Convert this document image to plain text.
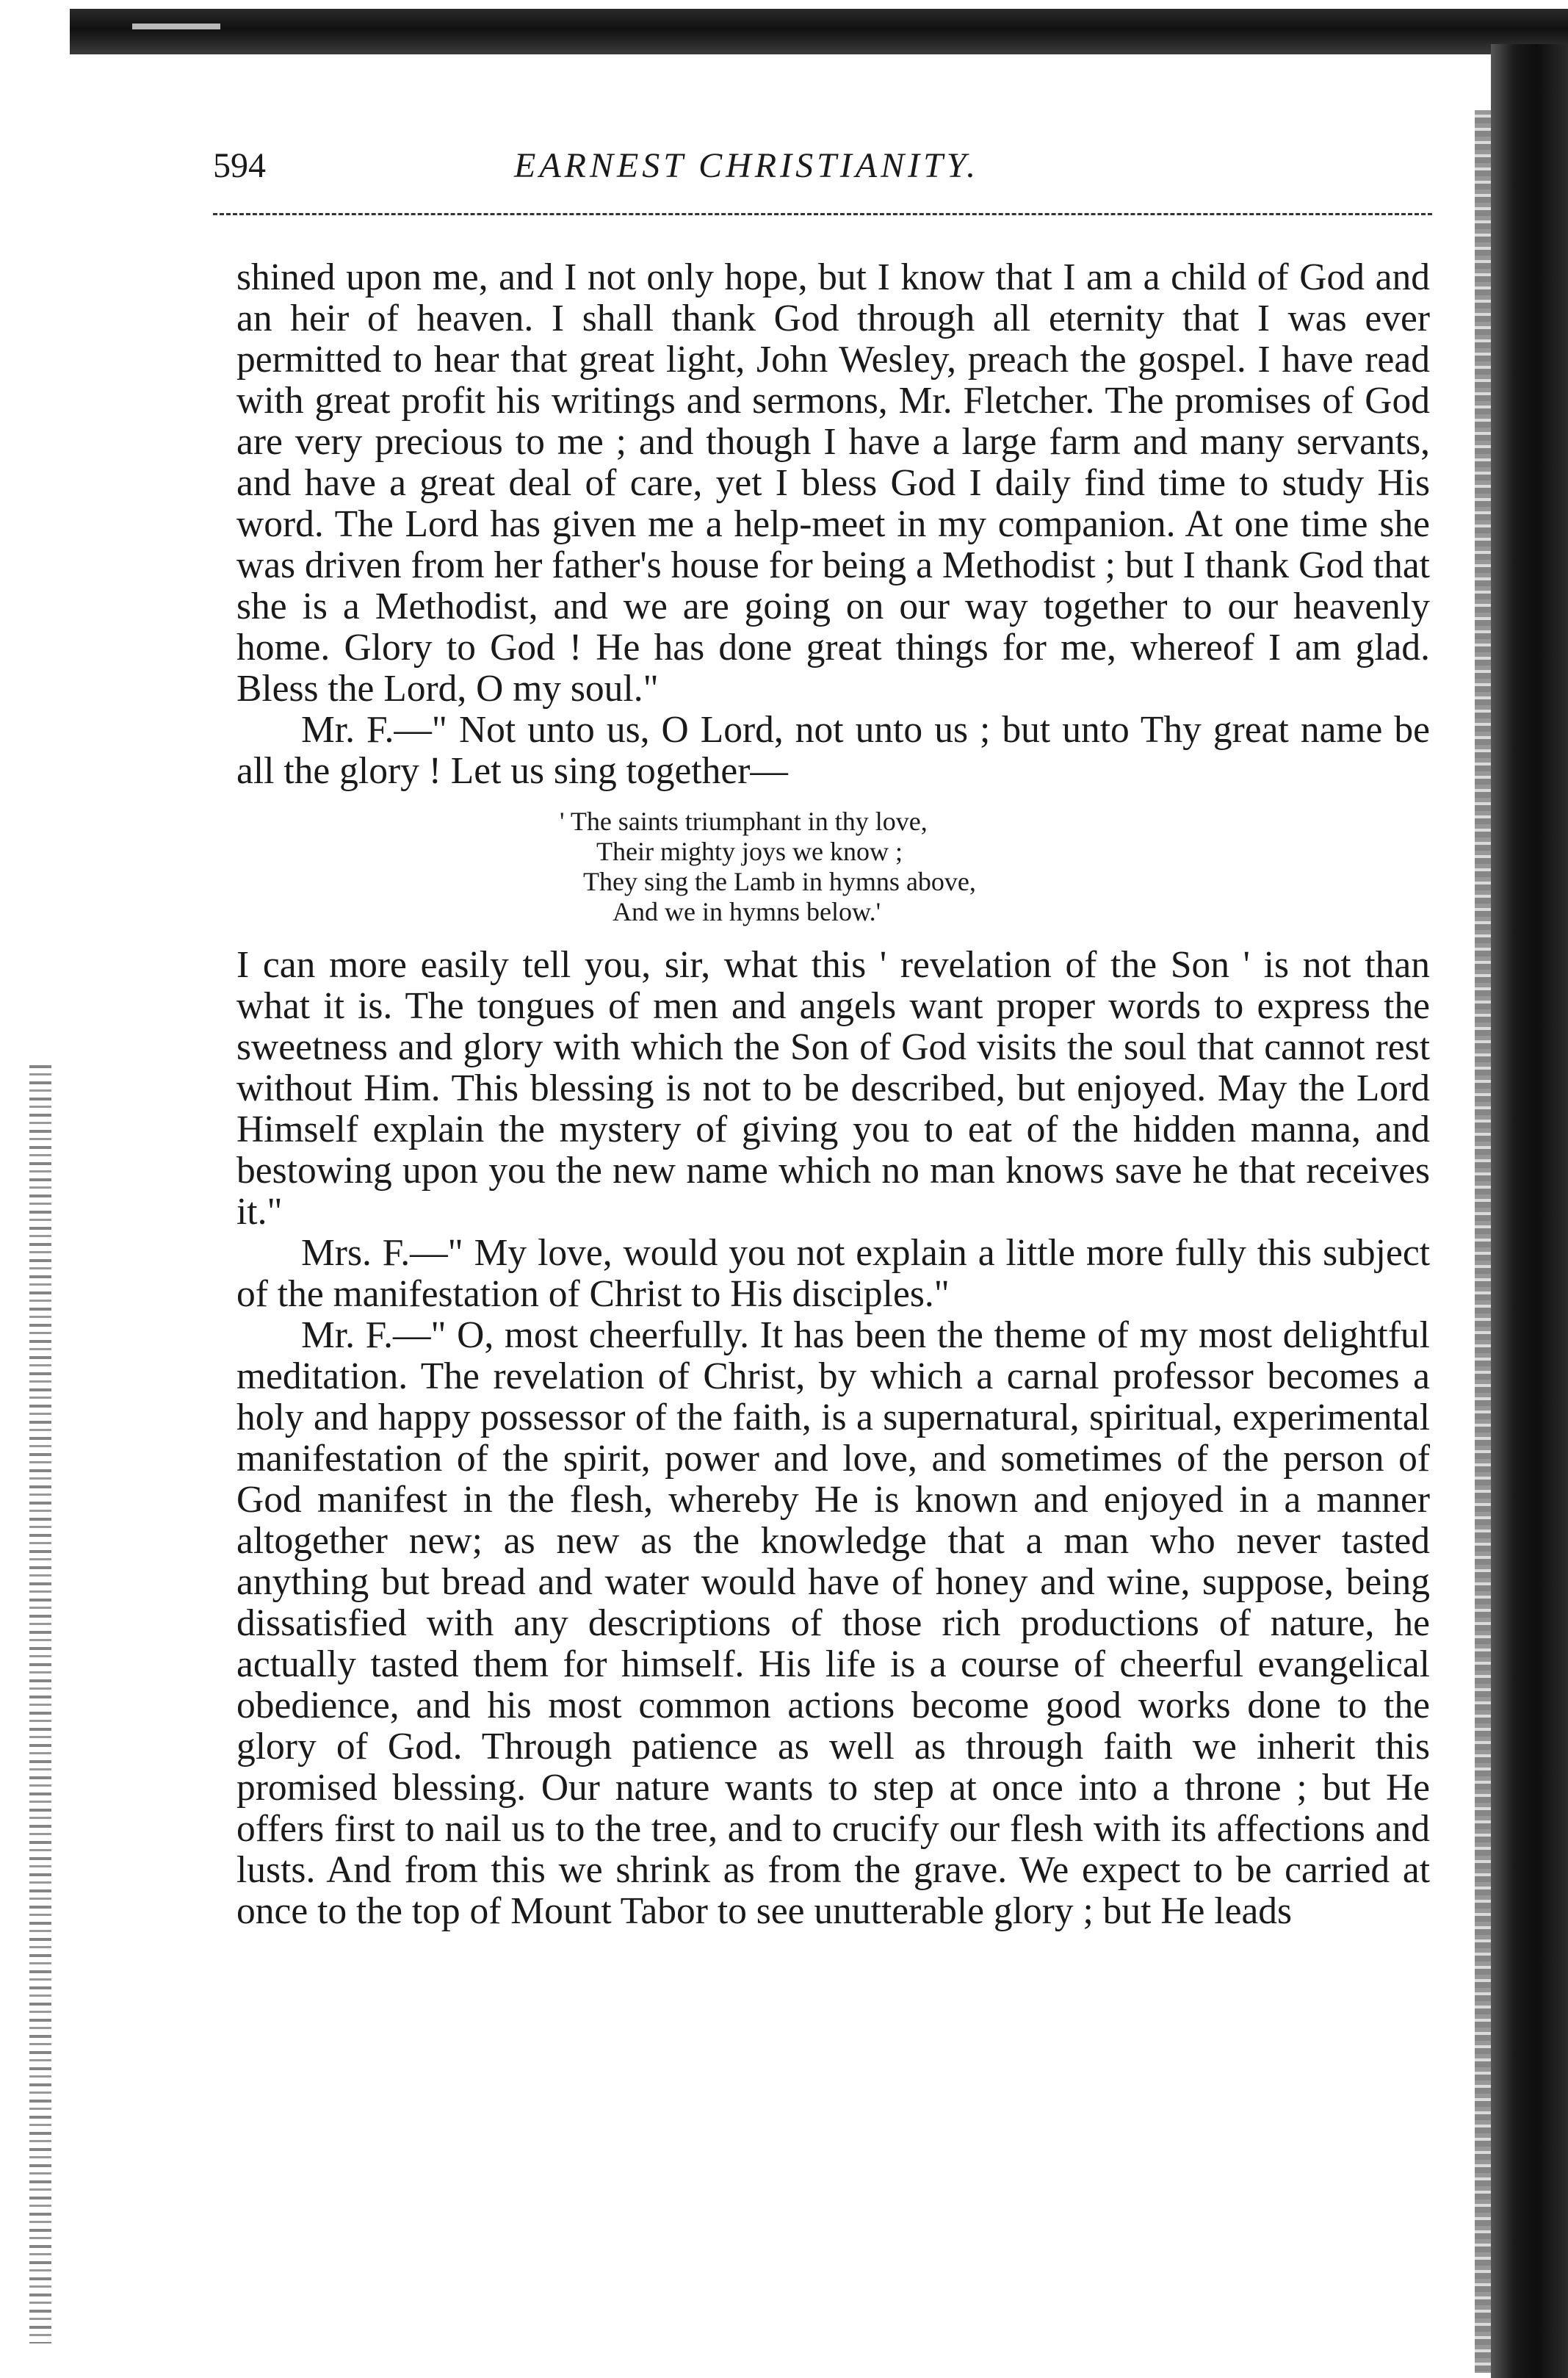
594	EARNEST CHRISTIANITY.

shined upon me, and I not only hope, but I know that I am a child of God and an heir of heaven. I shall thank God through all eternity that I was ever permitted to hear that great light, John Wesley, preach the gospel. I have read with great profit his writings and sermons, Mr. Fletcher. The promises of God are very precious to me ; and though I have a large farm and many servants, and have a great deal of care, yet I bless God I daily find time to study His word. The Lord has given me a help-meet in my companion. At one time she was driven from her father's house for being a Methodist ; but I thank God that she is a Methodist, and we are going on our way together to our heavenly home. Glory to God ! He has done great things for me, whereof I am glad. Bless the Lord, O my soul."

Mr. F.—" Not unto us, O Lord, not unto us ; but unto Thy great name be all the glory ! Let us sing together—

' The saints triumphant in thy love,
Their mighty joys we know ;
They sing the Lamb in hymns above,
And we in hymns below.'

I can more easily tell you, sir, what this ' revelation of the Son ' is not than what it is. The tongues of men and angels want proper words to express the sweetness and glory with which the Son of God visits the soul that cannot rest without Him. This blessing is not to be described, but enjoyed. May the Lord Himself explain the mystery of giving you to eat of the hidden manna, and bestowing upon you the new name which no man knows save he that receives it."

Mrs. F.—" My love, would you not explain a little more fully this subject of the manifestation of Christ to His disciples."

Mr. F.—" O, most cheerfully. It has been the theme of my most delightful meditation. The revelation of Christ, by which a carnal professor becomes a holy and happy possessor of the faith, is a supernatural, spiritual, experimental manifestation of the spirit, power and love, and sometimes of the person of God manifest in the flesh, whereby He is known and enjoyed in a manner altogether new; as new as the knowledge that a man who never tasted anything but bread and water would have of honey and wine, suppose, being dissatisfied with any descriptions of those rich productions of nature, he actually tasted them for himself. His life is a course of cheerful evangelical obedience, and his most common actions become good works done to the glory of God. Through patience as well as through faith we inherit this promised blessing. Our nature wants to step at once into a throne ; but He offers first to nail us to the tree, and to crucify our flesh with its affections and lusts. And from this we shrink as from the grave. We expect to be carried at once to the top of Mount Tabor to see unutterable glory ; but He leads
